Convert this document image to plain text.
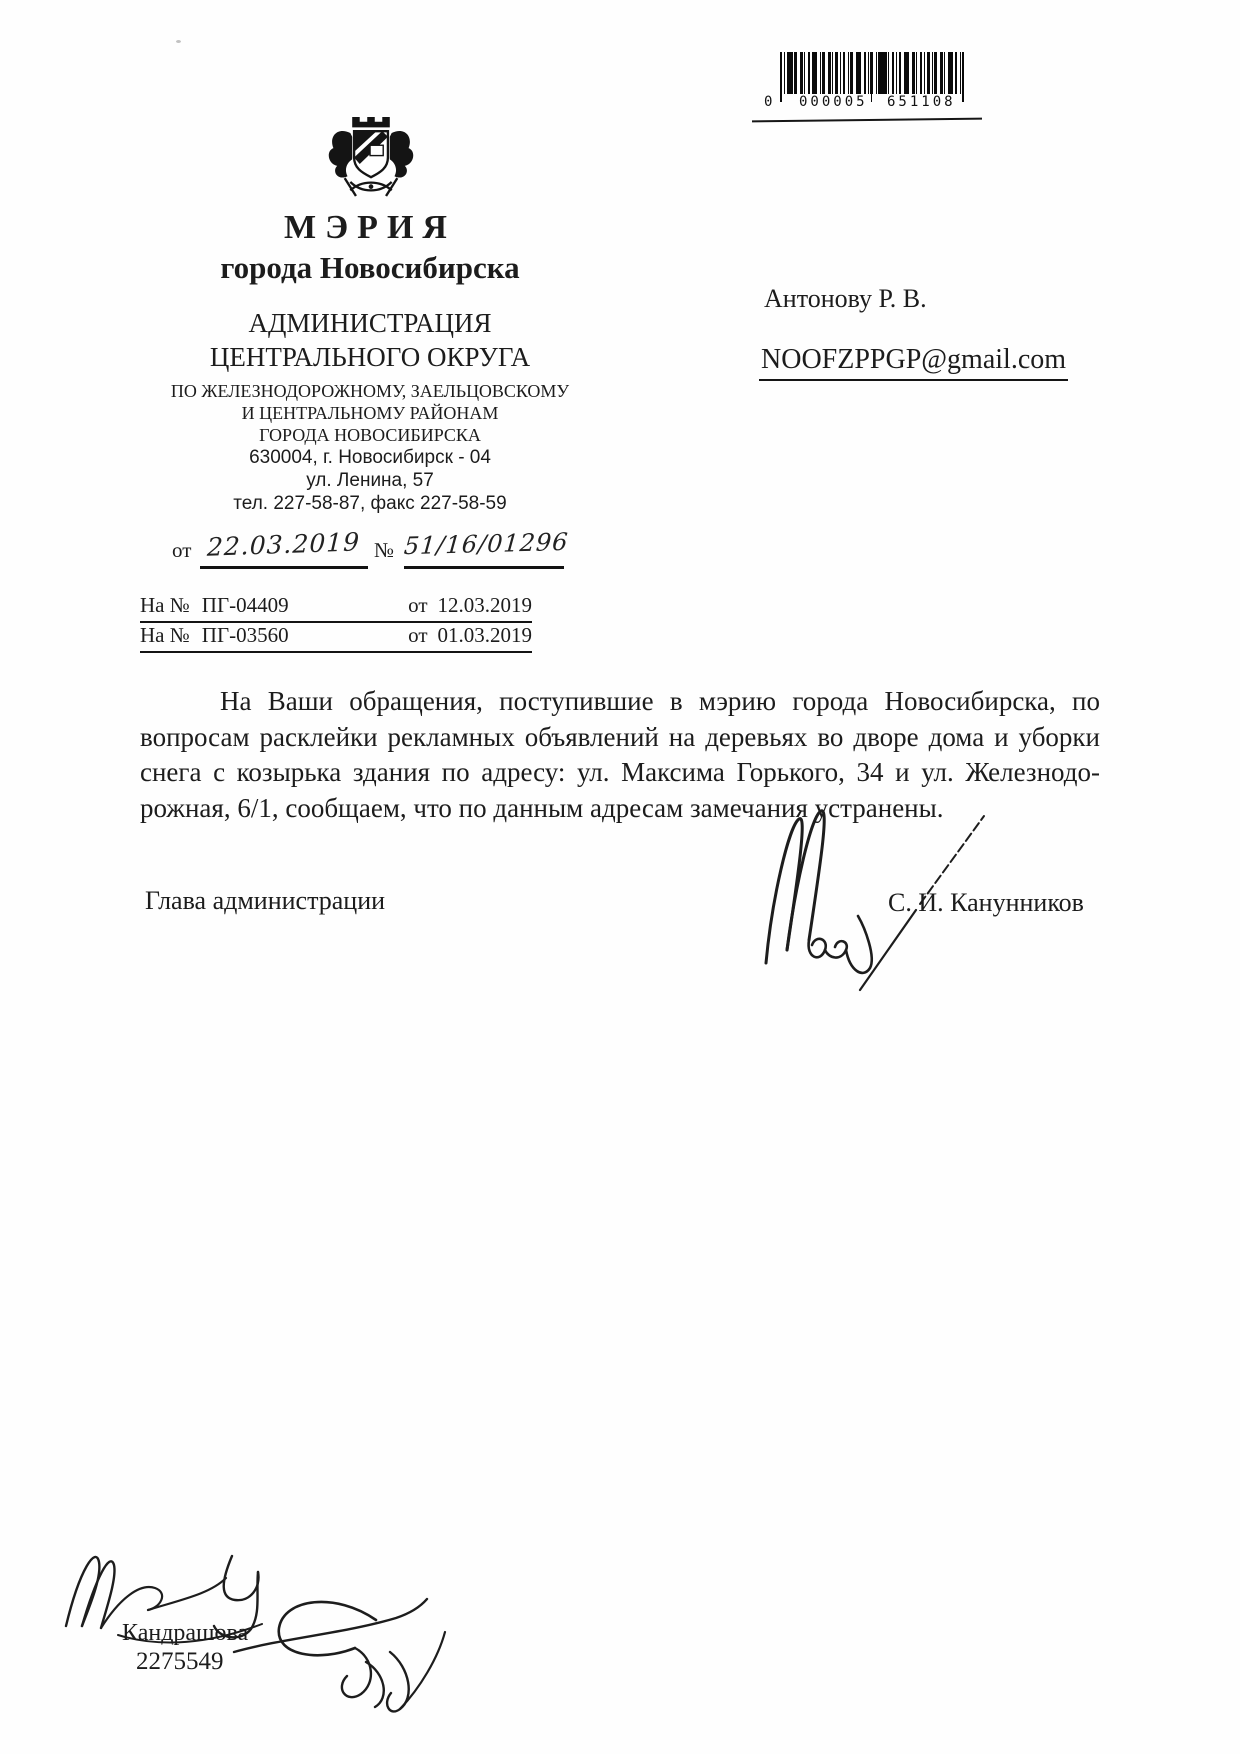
0 000005 651108
МЭРИЯ
города Новосибирска
АДМИНИСТРАЦИЯ
ЦЕНТРАЛЬНОГО ОКРУГА
ПО ЖЕЛЕЗНОДОРОЖНОМУ, ЗАЕЛЬЦОВСКОМУ
И ЦЕНТРАЛЬНОМУ РАЙОНАМ
ГОРОДА НОВОСИБИРСКА
630004, г. Новосибирск - 04
ул. Ленина, 57
тел. 227-58-87, факс 227-58-59
Антонову Р. В.
NOOFZPPGP@gmail.com
от 22.03.2019 № 51/16/01296
На № ПГ-04409	от 12.03.2019
На № ПГ-03560	от 01.03.2019
На Ваши обращения, поступившие в мэрию города Новосибирска, по
вопросам расклейки рекламных объявлений на деревьях во дворе дома и уборки
снега с козырька здания по адресу: ул. Максима Горького, 34 и ул. Железнодо-
рожная, 6/1, сообщаем, что по данным адресам замечания устранены.
Глава администрации	С. И. Канунников
Кандрашова
2275549
